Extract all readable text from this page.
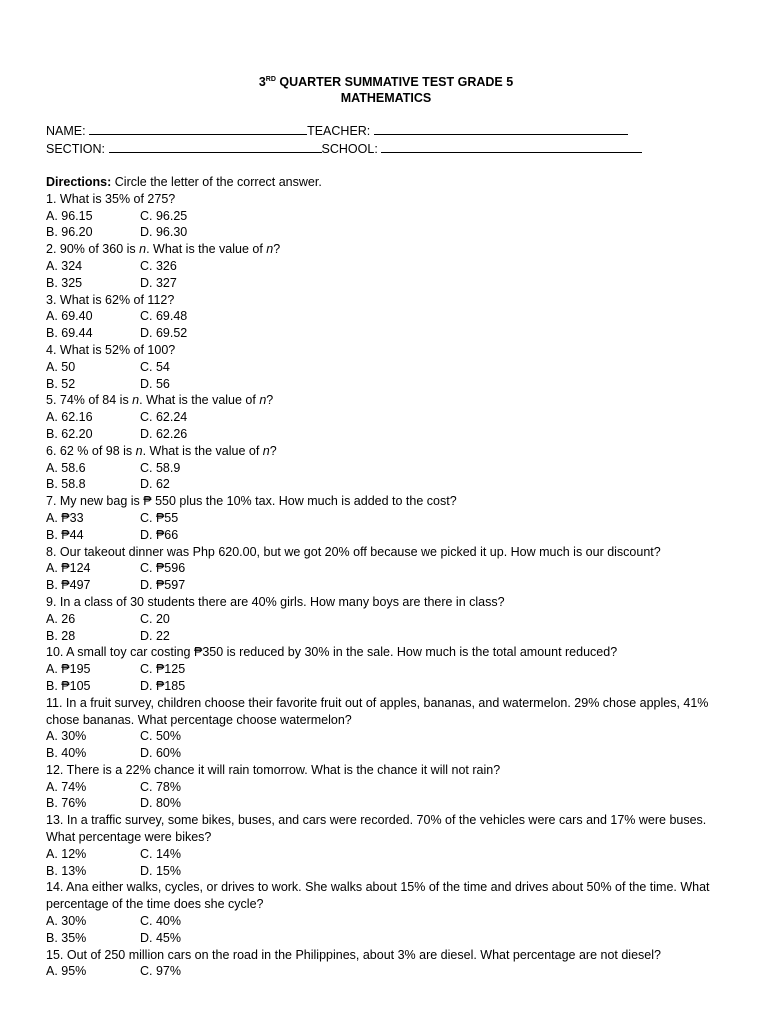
3RD QUARTER SUMMATIVE TEST GRADE 5
MATHEMATICS
NAME:	TEACHER:
SECTION:	SCHOOL:
Directions: Circle the letter of the correct answer.
1. What is 35% of 275?
A. 96.15	C. 96.25
B. 96.20	D. 96.30
2. 90% of 360 is n. What is the value of n?
A. 324	C. 326
B. 325	D. 327
3. What is 62% of 112?
A. 69.40	C. 69.48
B. 69.44	D. 69.52
4. What is 52% of 100?
A. 50	C. 54
B. 52	D. 56
5. 74% of 84 is n. What is the value of n?
A. 62.16	C. 62.24
B. 62.20	D. 62.26
6. 62 % of 98 is n. What is the value of n?
A. 58.6	C. 58.9
B. 58.8	D. 62
7. My new bag is ₱ 550 plus the 10% tax. How much is added to the cost?
A. ₱33	C. ₱55
B. ₱44	D. ₱66
8. Our takeout dinner was Php 620.00, but we got 20% off because we picked it up. How much is our discount?
A. ₱124	C. ₱596
B. ₱497	D. ₱597
9. In a class of 30 students there are 40% girls. How many boys are there in class?
A. 26	C. 20
B. 28	D. 22
10. A small toy car costing ₱350 is reduced by 30% in the sale. How much is the total amount reduced?
A. ₱195	C. ₱125
B. ₱105	D. ₱185
11. In a fruit survey, children choose their favorite fruit out of apples, bananas, and watermelon. 29% chose apples, 41% chose bananas. What percentage choose watermelon?
A. 30%	C. 50%
B. 40%	D. 60%
12. There is a 22% chance it will rain tomorrow. What is the chance it will not rain?
A. 74%	C. 78%
B. 76%	D. 80%
13. In a traffic survey, some bikes, buses, and cars were recorded. 70% of the vehicles were cars and 17% were buses. What percentage were bikes?
A. 12%	C. 14%
B. 13%	D. 15%
14. Ana either walks, cycles, or drives to work. She walks about 15% of the time and drives about 50% of the time. What percentage of the time does she cycle?
A. 30%	C. 40%
B. 35%	D. 45%
15. Out of 250 million cars on the road in the Philippines, about 3% are diesel. What percentage are not diesel?
A. 95%	C. 97%
